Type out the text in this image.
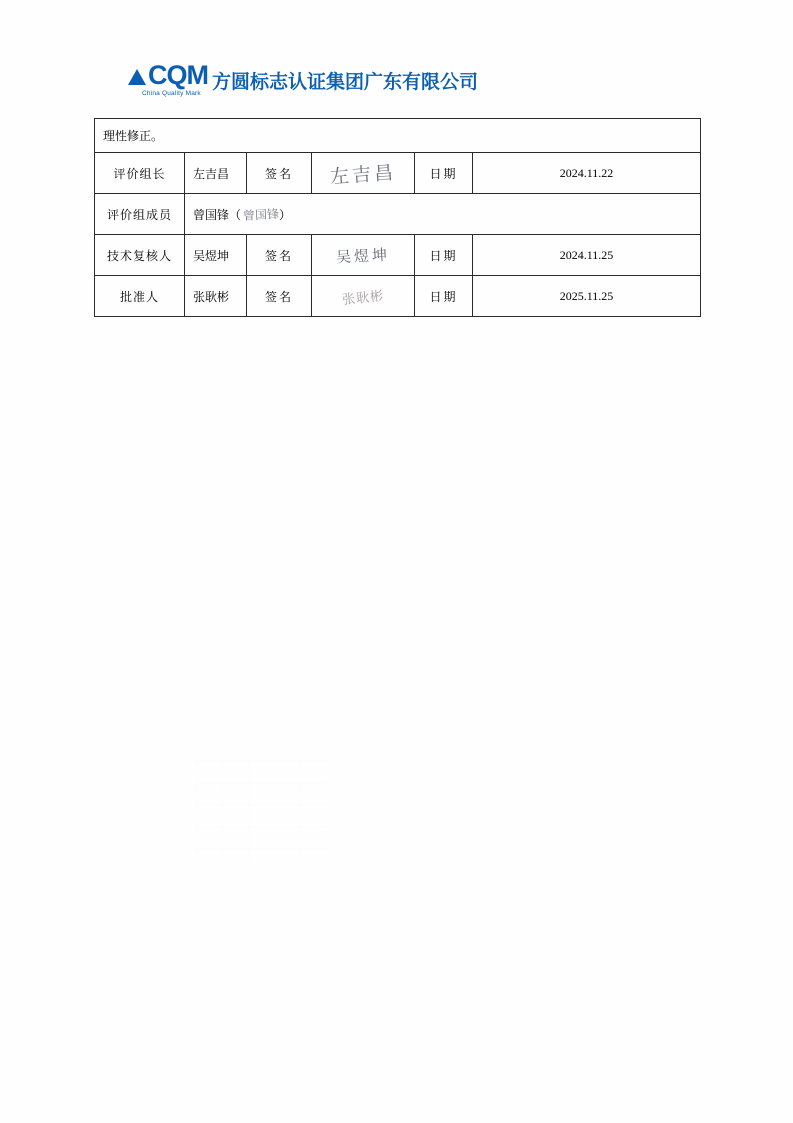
CQM
China Quality Mark
方圆标志认证集团广东有限公司
理性修正。					
评价组长	左吉昌	签名	左吉昌	日期	2024.11.22
评价组成员	曾国锋（ 曾国锋）				
技术复核人	吴煜坤	签名	吴煜坤	日期	2024.11.25
批准人	张耿彬	签名	张耿彬	日期	2025.11.25
